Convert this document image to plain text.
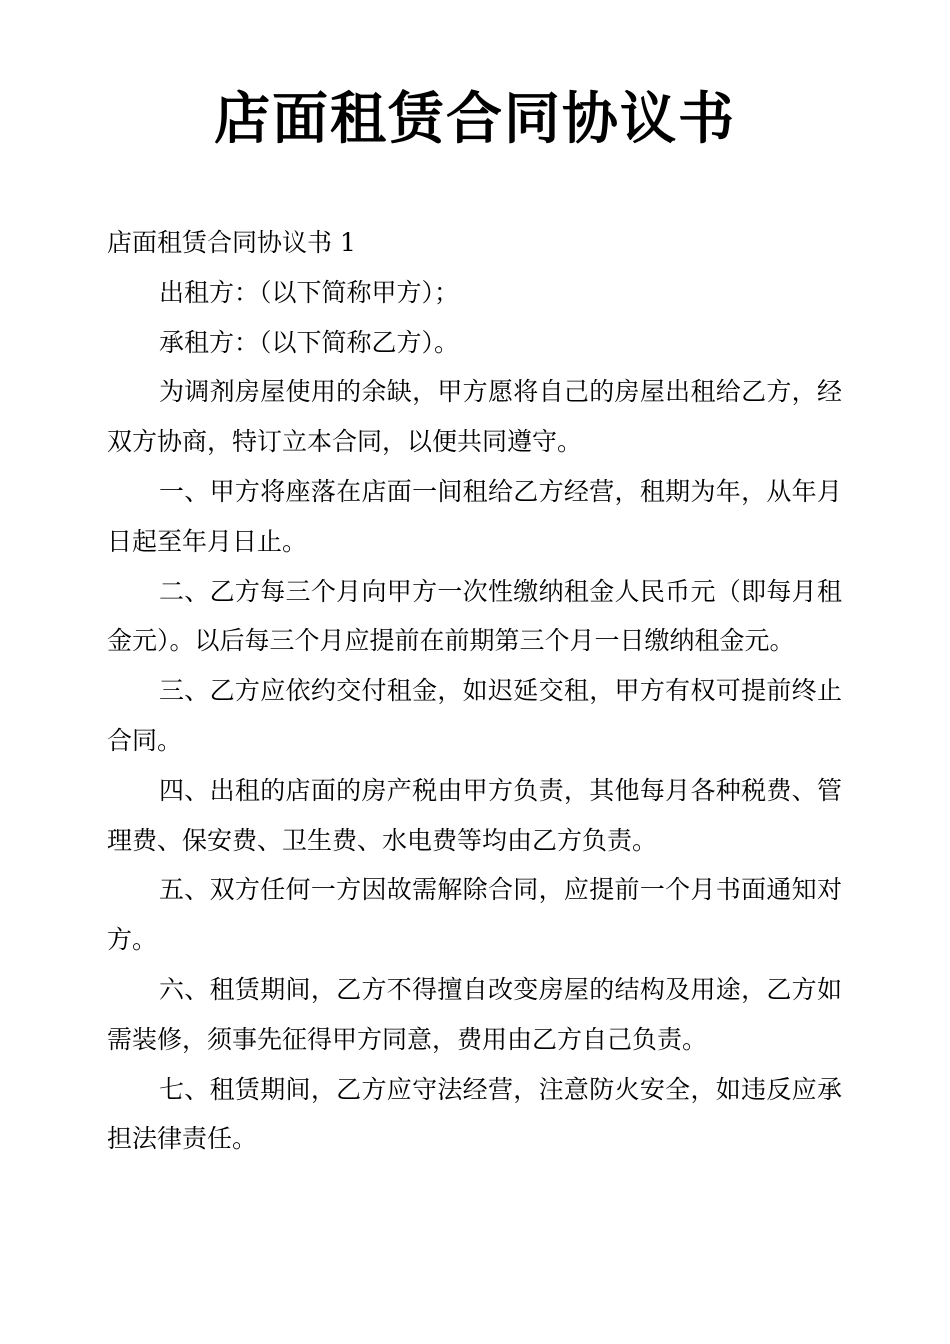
店面租赁合同协议书

店面租赁合同协议书 1

出租方：（以下简称甲方）；

承租方：（以下简称乙方）。

为调剂房屋使用的余缺，甲方愿将自己的房屋出租给乙方，经双方协商，特订立本合同，以便共同遵守。

一、甲方将座落在店面一间租给乙方经营，租期为年，从年月日起至年月日止。

二、乙方每三个月向甲方一次性缴纳租金人民币元（即每月租金元）。以后每三个月应提前在前期第三个月一日缴纳租金元。

三、乙方应依约交付租金，如迟延交租，甲方有权可提前终止合同。

四、出租的店面的房产税由甲方负责，其他每月各种税费、管理费、保安费、卫生费、水电费等均由乙方负责。

五、双方任何一方因故需解除合同，应提前一个月书面通知对方。

六、租赁期间，乙方不得擅自改变房屋的结构及用途，乙方如需装修，须事先征得甲方同意，费用由乙方自己负责。

七、租赁期间，乙方应守法经营，注意防火安全，如违反应承担法律责任。
